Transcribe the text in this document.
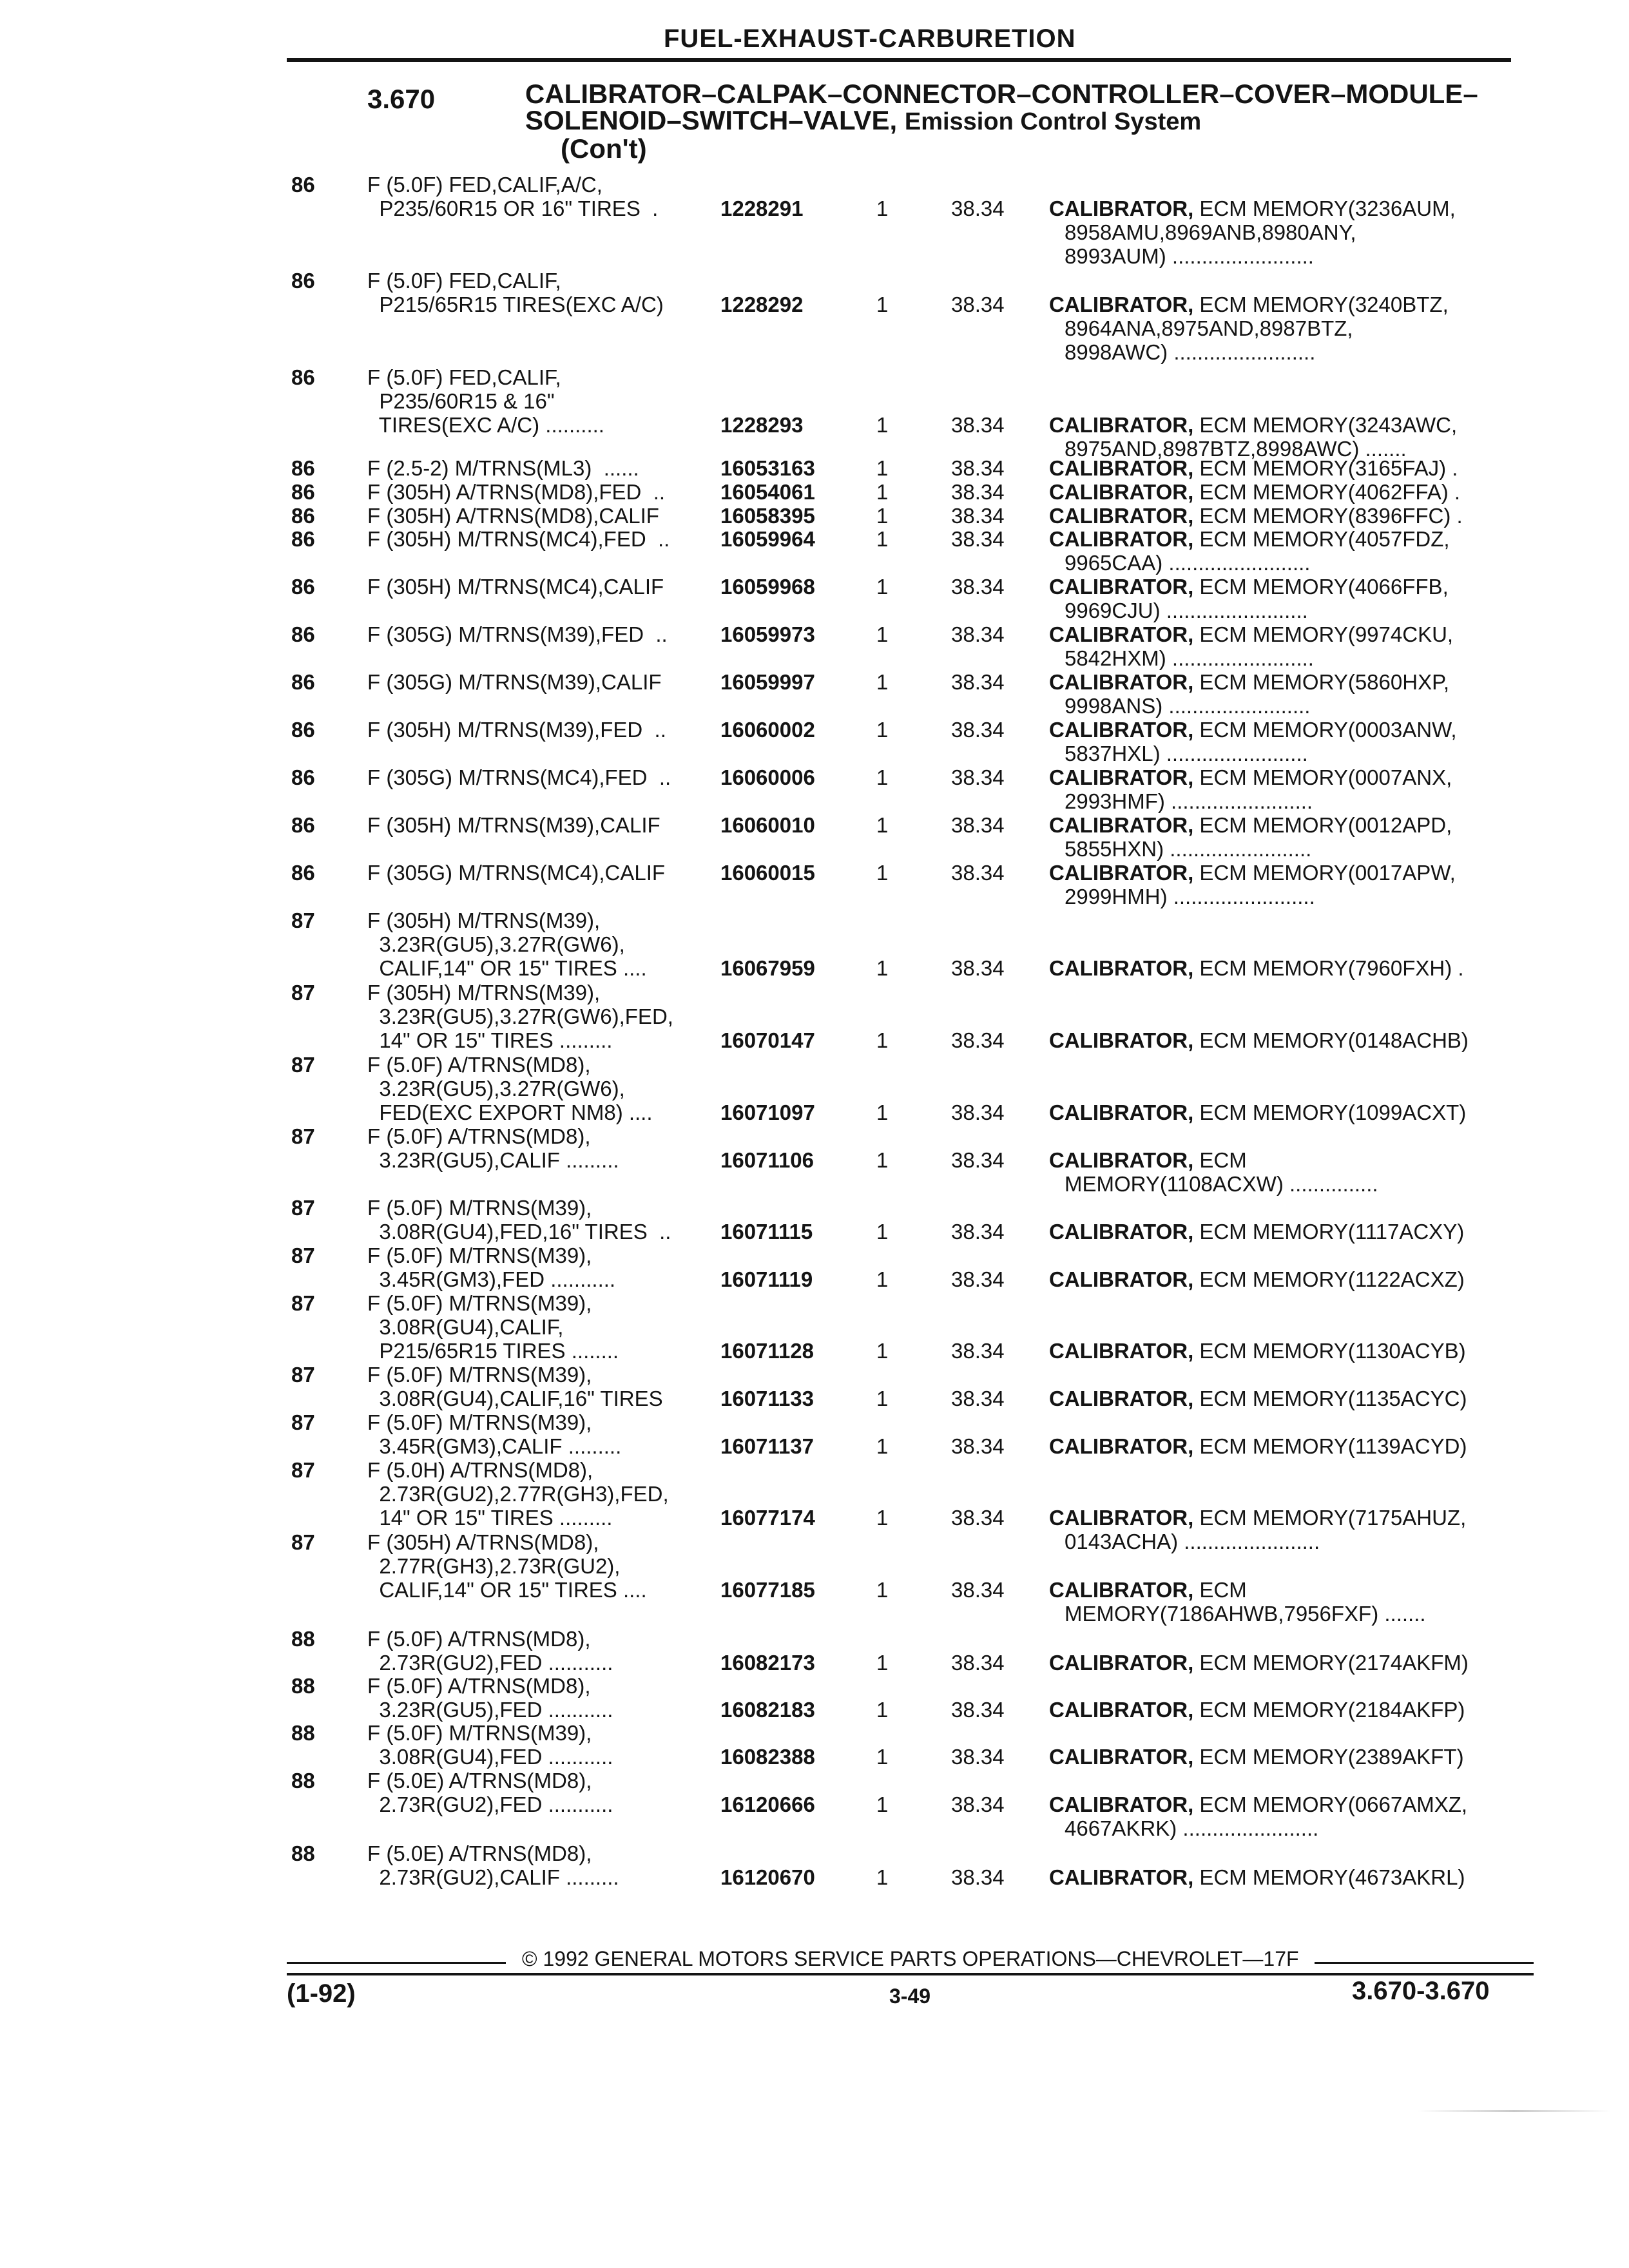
FUEL-EXHAUST-CARBURETION
3.670	CALIBRATOR–CALPAK–CONNECTOR–CONTROLLER–COVER–MODULE–SOLENOID–SWITCH–VALVE, Emission Control System
(Con't)
86 F (5.0F) FED,CALIF,A/C,
P235/60R15 OR 16" TIRES  .	1228291	1	38.34	CALIBRATOR, ECM MEMORY(3236AUM,
8958AMU,8969ANB,8980ANY,
8993AUM) ........................
86 F (5.0F) FED,CALIF,
P215/65R15 TIRES(EXC A/C)	1228292	1	38.34	CALIBRATOR, ECM MEMORY(3240BTZ,
8964ANA,8975AND,8987BTZ,
8998AWC) ........................
86 F (5.0F) FED,CALIF,
P235/60R15 & 16"
TIRES(EXC A/C) ..........	1228293	1	38.34	CALIBRATOR, ECM MEMORY(3243AWC,
8975AND,8987BTZ,8998AWC) .......
86 F (2.5-2) M/TRNS(ML3)  ......	16053163	1	38.34	CALIBRATOR, ECM MEMORY(3165FAJ) .
86 F (305H) A/TRNS(MD8),FED  ..	16054061	1	38.34	CALIBRATOR, ECM MEMORY(4062FFA) .
86 F (305H) A/TRNS(MD8),CALIF	16058395	1	38.34	CALIBRATOR, ECM MEMORY(8396FFC) .
86 F (305H) M/TRNS(MC4),FED  ..	16059964	1	38.34	CALIBRATOR, ECM MEMORY(4057FDZ,
9965CAA) ........................
86 F (305H) M/TRNS(MC4),CALIF	16059968	1	38.34	CALIBRATOR, ECM MEMORY(4066FFB,
9969CJU) ........................
86 F (305G) M/TRNS(M39),FED  ..	16059973	1	38.34	CALIBRATOR, ECM MEMORY(9974CKU,
5842HXM) ........................
86 F (305G) M/TRNS(M39),CALIF	16059997	1	38.34	CALIBRATOR, ECM MEMORY(5860HXP,
9998ANS) ........................
86 F (305H) M/TRNS(M39),FED  ..	16060002	1	38.34	CALIBRATOR, ECM MEMORY(0003ANW,
5837HXL) ........................
86 F (305G) M/TRNS(MC4),FED  ..	16060006	1	38.34	CALIBRATOR, ECM MEMORY(0007ANX,
2993HMF) ........................
86 F (305H) M/TRNS(M39),CALIF	16060010	1	38.34	CALIBRATOR, ECM MEMORY(0012APD,
5855HXN) ........................
86 F (305G) M/TRNS(MC4),CALIF	16060015	1	38.34	CALIBRATOR, ECM MEMORY(0017APW,
2999HMH) ........................
87 F (305H) M/TRNS(M39),
3.23R(GU5),3.27R(GW6),
CALIF,14" OR 15" TIRES ....	16067959	1	38.34	CALIBRATOR, ECM MEMORY(7960FXH) .
87 F (305H) M/TRNS(M39),
3.23R(GU5),3.27R(GW6),FED,
14" OR 15" TIRES .........	16070147	1	38.34	CALIBRATOR, ECM MEMORY(0148ACHB)
87 F (5.0F) A/TRNS(MD8),
3.23R(GU5),3.27R(GW6),
FED(EXC EXPORT NM8) ....	16071097	1	38.34	CALIBRATOR, ECM MEMORY(1099ACXT)
87 F (5.0F) A/TRNS(MD8),
3.23R(GU5),CALIF .........	16071106	1	38.34	CALIBRATOR, ECM
MEMORY(1108ACXW) ...............
87 F (5.0F) M/TRNS(M39),
3.08R(GU4),FED,16" TIRES  ..	16071115	1	38.34	CALIBRATOR, ECM MEMORY(1117ACXY)
87 F (5.0F) M/TRNS(M39),
3.45R(GM3),FED ...........	16071119	1	38.34	CALIBRATOR, ECM MEMORY(1122ACXZ)
87 F (5.0F) M/TRNS(M39),
3.08R(GU4),CALIF,
P215/65R15 TIRES ........	16071128	1	38.34	CALIBRATOR, ECM MEMORY(1130ACYB)
87 F (5.0F) M/TRNS(M39),
3.08R(GU4),CALIF,16" TIRES	16071133	1	38.34	CALIBRATOR, ECM MEMORY(1135ACYC)
87 F (5.0F) M/TRNS(M39),
3.45R(GM3),CALIF .........	16071137	1	38.34	CALIBRATOR, ECM MEMORY(1139ACYD)
87 F (5.0H) A/TRNS(MD8),
2.73R(GU2),2.77R(GH3),FED,
14" OR 15" TIRES .........	16077174	1	38.34	CALIBRATOR, ECM MEMORY(7175AHUZ,
0143ACHA) .......................
87 F (305H) A/TRNS(MD8),
2.77R(GH3),2.73R(GU2),
CALIF,14" OR 15" TIRES ....	16077185	1	38.34	CALIBRATOR, ECM
MEMORY(7186AHWB,7956FXF) .......
88 F (5.0F) A/TRNS(MD8),
2.73R(GU2),FED ...........	16082173	1	38.34	CALIBRATOR, ECM MEMORY(2174AKFM)
88 F (5.0F) A/TRNS(MD8),
3.23R(GU5),FED ...........	16082183	1	38.34	CALIBRATOR, ECM MEMORY(2184AKFP)
88 F (5.0F) M/TRNS(M39),
3.08R(GU4),FED ...........	16082388	1	38.34	CALIBRATOR, ECM MEMORY(2389AKFT)
88 F (5.0E) A/TRNS(MD8),
2.73R(GU2),FED ...........	16120666	1	38.34	CALIBRATOR, ECM MEMORY(0667AMXZ,
4667AKRK) .......................
88 F (5.0E) A/TRNS(MD8),
2.73R(GU2),CALIF .........	16120670	1	38.34	CALIBRATOR, ECM MEMORY(4673AKRL)
© 1992 GENERAL MOTORS SERVICE PARTS OPERATIONS—CHEVROLET—17F
(1-92)	3-49	3.670-3.670
